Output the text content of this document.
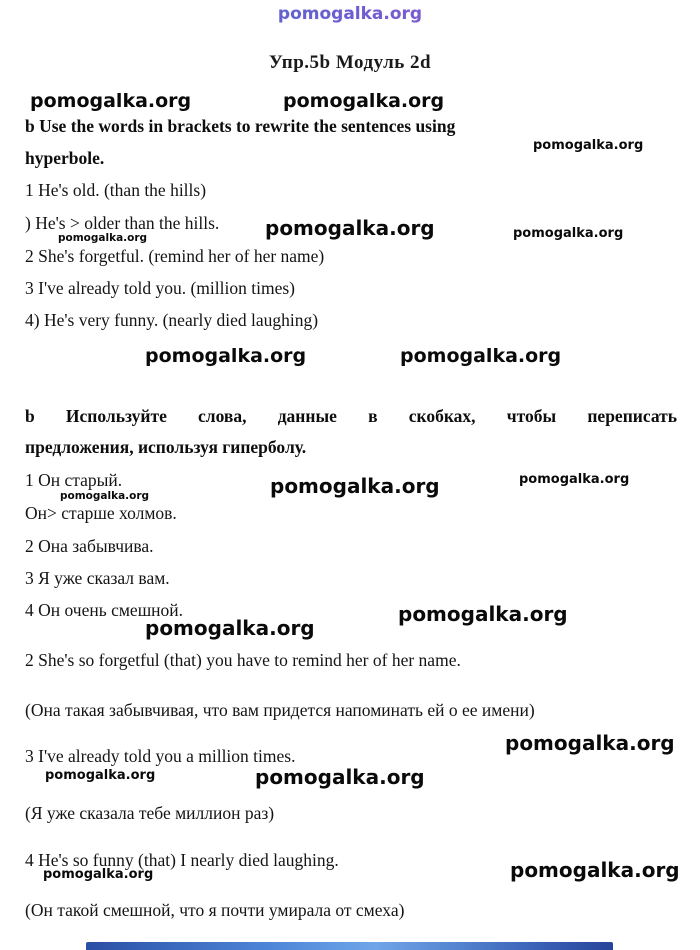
pomogalka.org
Упр.5b Модуль 2d
pomogalka.org	pomogalka.org
pomogalka.org
b Use the words in brackets to rewrite the sentences using
hyperbole.
1 He's old. (than the hills)
) He's > older than the hills. pomogalka.org	pomogalka.org
pomogalka.org
2 She's forgetful. (remind her of her name)
3 I've already told you. (million times)
4) He's very funny. (nearly died laughing)
pomogalka.org	pomogalka.org
b Используйте слова, данные в скобках, чтобы переписать
предложения, используя гиперболу.
1 Он старый.	pomogalka.org	pomogalka.org
pomogalka.org
Он> старше холмов.
2 Она забывчива.
3 Я уже сказал вам.
4 Он очень смешной.	pomogalka.org
pomogalka.org
2 She's so forgetful (that) you have to remind her of her name.
(Она такая забывчивая, что вам придется напоминать ей о ее имени)
pomogalka.org
3 I've already told you a million times.
pomogalka.org	pomogalka.org
(Я уже сказала тебе миллион раз)
4 He's so funny (that) I nearly died laughing.	pomogalka.org
pomogalka.org
(Он такой смешной, что я почти умирала от смеха)
